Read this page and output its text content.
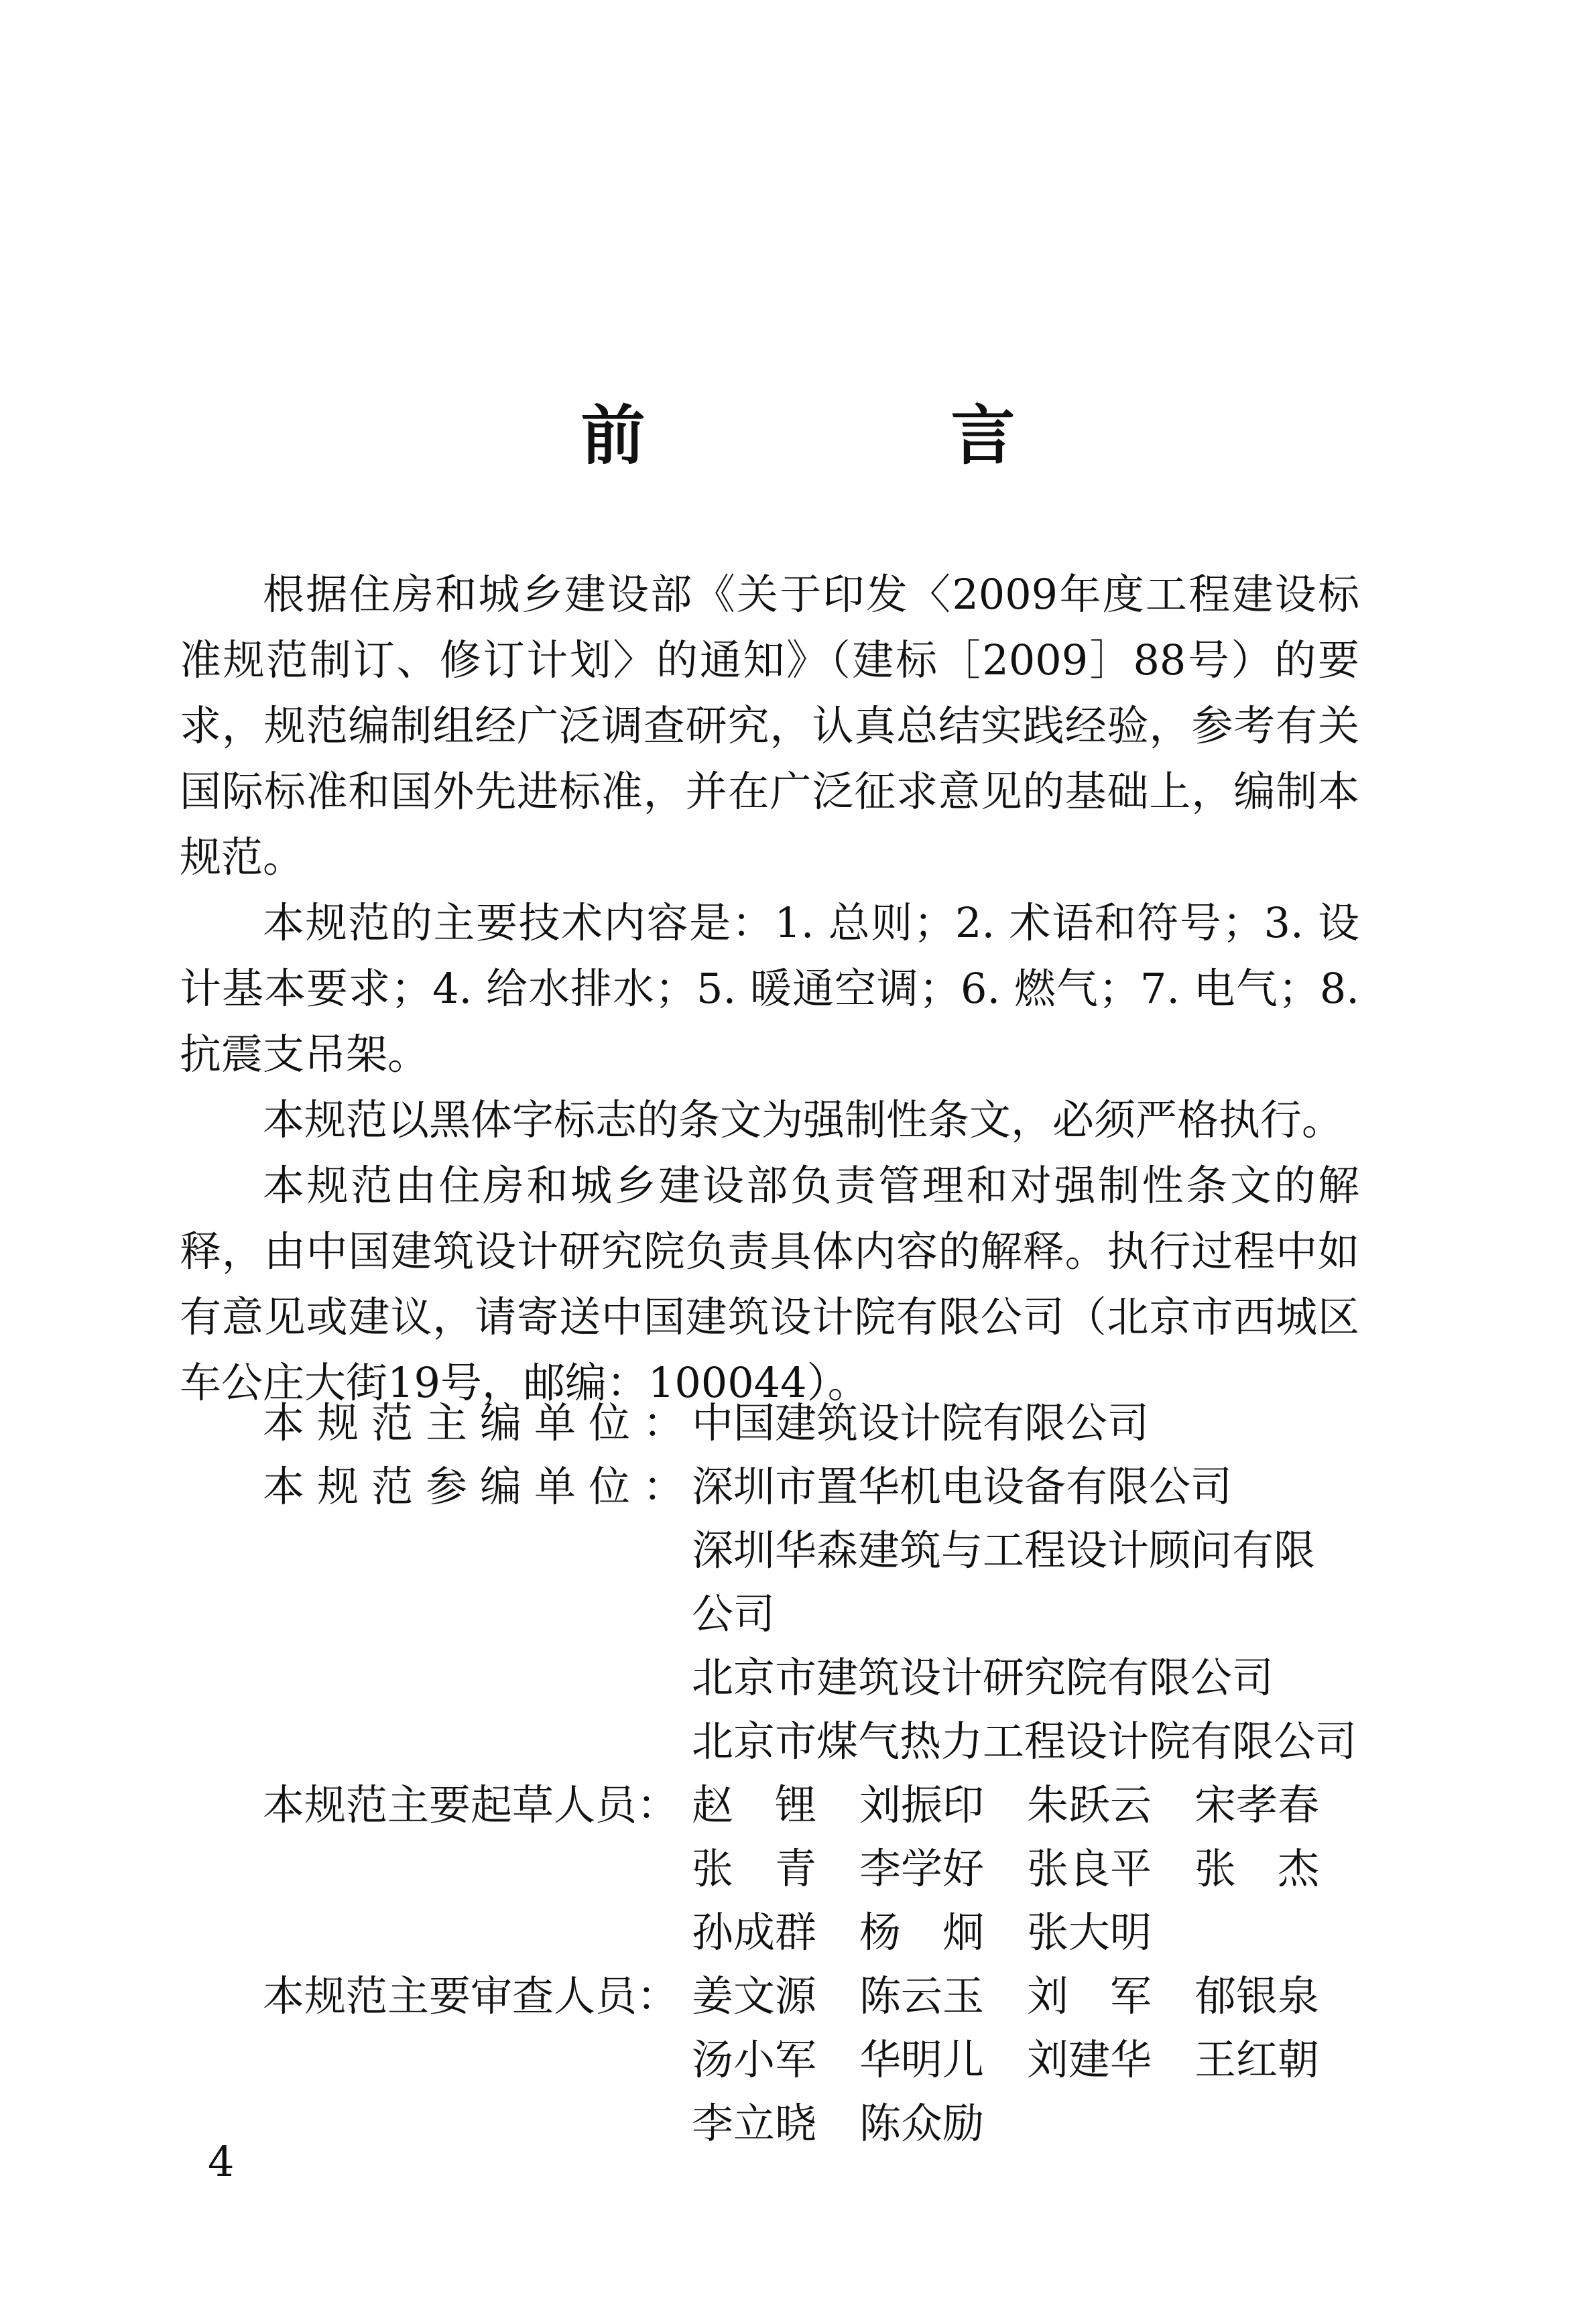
前　言

根据住房和城乡建设部《关于印发〈2009年度工程建设标准规范制订、修订计划〉的通知》（建标［2009］88号）的要求，规范编制组经广泛调查研究，认真总结实践经验，参考有关国际标准和国外先进标准，并在广泛征求意见的基础上，编制本规范。

本规范的主要技术内容是：1. 总则；2. 术语和符号；3. 设计基本要求；4. 给水排水；5. 暖通空调；6. 燃气；7. 电气；8. 抗震支吊架。

本规范以黑体字标志的条文为强制性条文，必须严格执行。

本规范由住房和城乡建设部负责管理和对强制性条文的解释，由中国建筑设计研究院负责具体内容的解释。执行过程中如有意见或建议，请寄送中国建筑设计院有限公司（北京市西城区车公庄大街19号，邮编：100044）。

本规范主编单位：
中国建筑设计院有限公司
本规范参编单位：
深圳市置华机电设备有限公司
深圳华森建筑与工程设计顾问有限
公司
北京市建筑设计研究院有限公司
北京市煤气热力工程设计院有限公司
本规范主要起草人员： 赵　锂 刘振印 朱跃云 宋孝春
张　青 李学好 张良平 张　杰
孙成群 杨　炯 张大明
本规范主要审查人员： 姜文源 陈云玉 刘　军 郁银泉
汤小军 华明儿 刘建华 王红朝
李立晓 陈众励
4
